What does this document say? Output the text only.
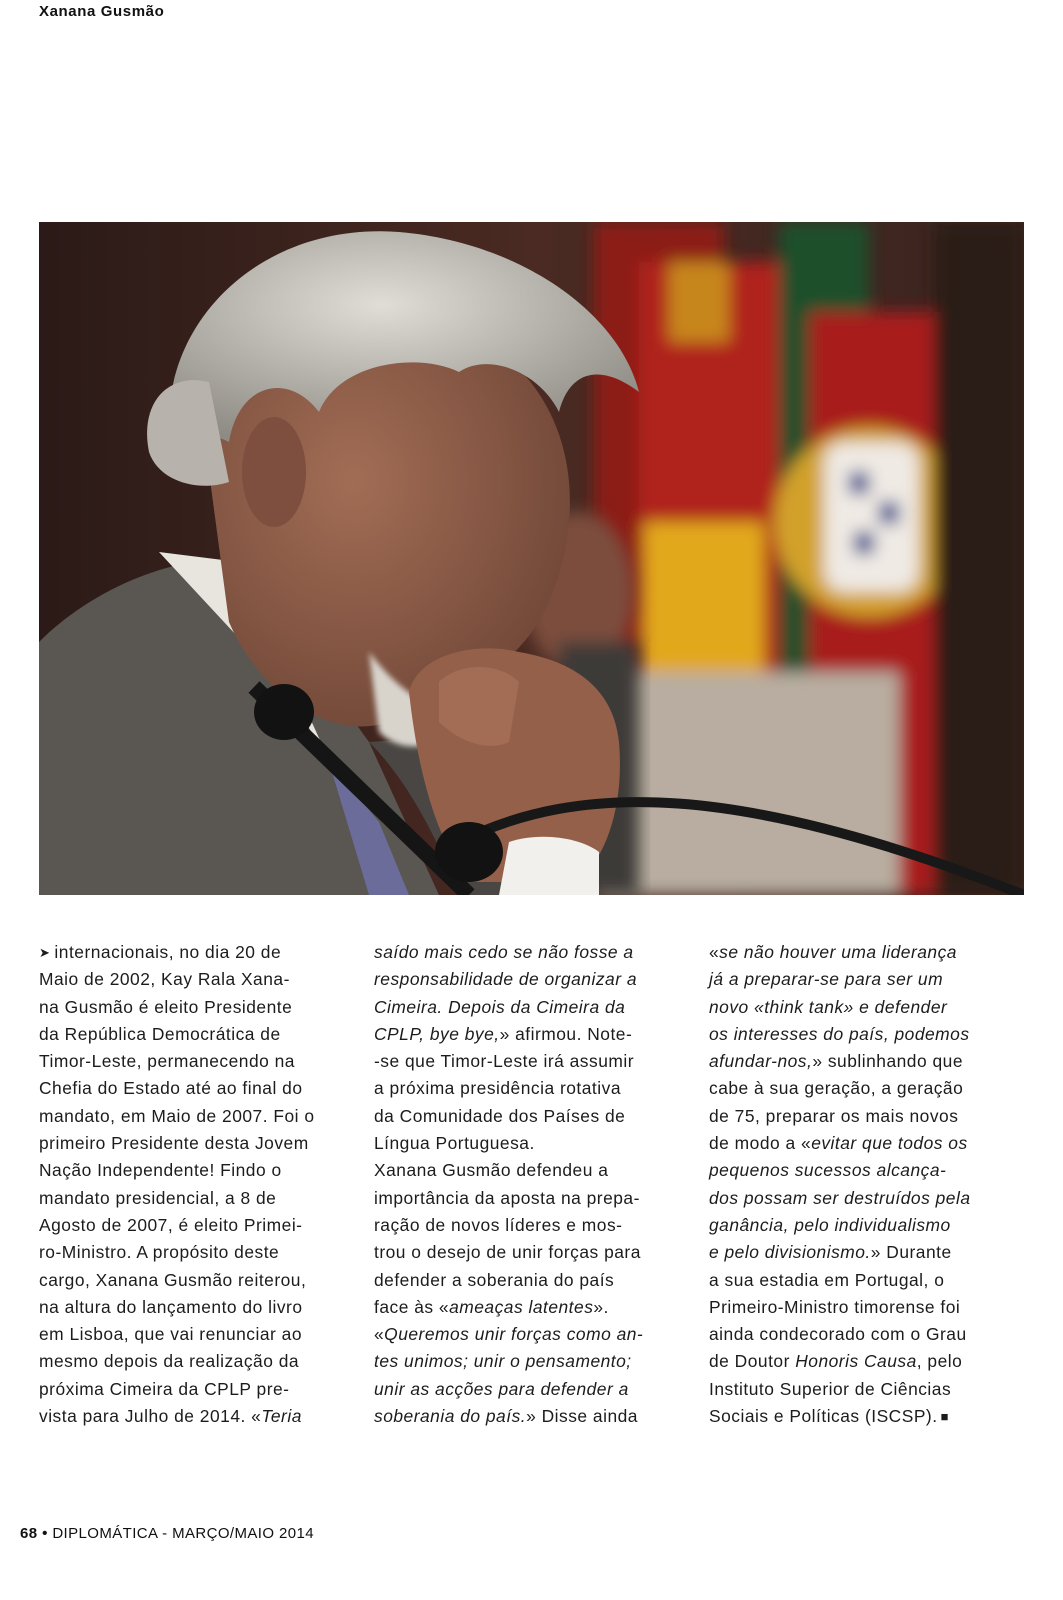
Xanana Gusmão
➤ internacionais, no dia 20 de
Maio de 2002, Kay Rala Xana-
na Gusmão é eleito Presidente
da República Democrática de
Timor-Leste, permanecendo na
Chefia do Estado até ao final do
mandato, em Maio de 2007. Foi o
primeiro Presidente desta Jovem
Nação Independente! Findo o
mandato presidencial, a 8 de
Agosto de 2007, é eleito Primei-
ro-Ministro. A propósito deste
cargo, Xanana Gusmão reiterou,
na altura do lançamento do livro
em Lisboa, que vai renunciar ao
mesmo depois da realização da
próxima Cimeira da CPLP pre-
vista para Julho de 2014. «Teria
saído mais cedo se não fosse a
responsabilidade de organizar a
Cimeira. Depois da Cimeira da
CPLP, bye bye,» afirmou. Note-
-se que Timor-Leste irá assumir
a próxima presidência rotativa
da Comunidade dos Países de
Língua Portuguesa.
Xanana Gusmão defendeu a
importância da aposta na prepa-
ração de novos líderes e mos-
trou o desejo de unir forças para
defender a soberania do país
face às «ameaças latentes».
«Queremos unir forças como an-
tes unimos; unir o pensamento;
unir as acções para defender a
soberania do país.» Disse ainda
«se não houver uma liderança
já a preparar-se para ser um
novo «think tank» e defender
os interesses do país, podemos
afundar-nos,» sublinhando que
cabe à sua geração, a geração
de 75, preparar os mais novos
de modo a «evitar que todos os
pequenos sucessos alcança-
dos possam ser destruídos pela
ganância, pelo individualismo
e pelo divisionismo.» Durante
a sua estadia em Portugal, o
Primeiro-Ministro timorense foi
ainda condecorado com o Grau
de Doutor Honoris Causa, pelo
Instituto Superior de Ciências
Sociais e Políticas (ISCSP). ■
68 • DIPLOMÁTICA - MARÇO/MAIO 2014
